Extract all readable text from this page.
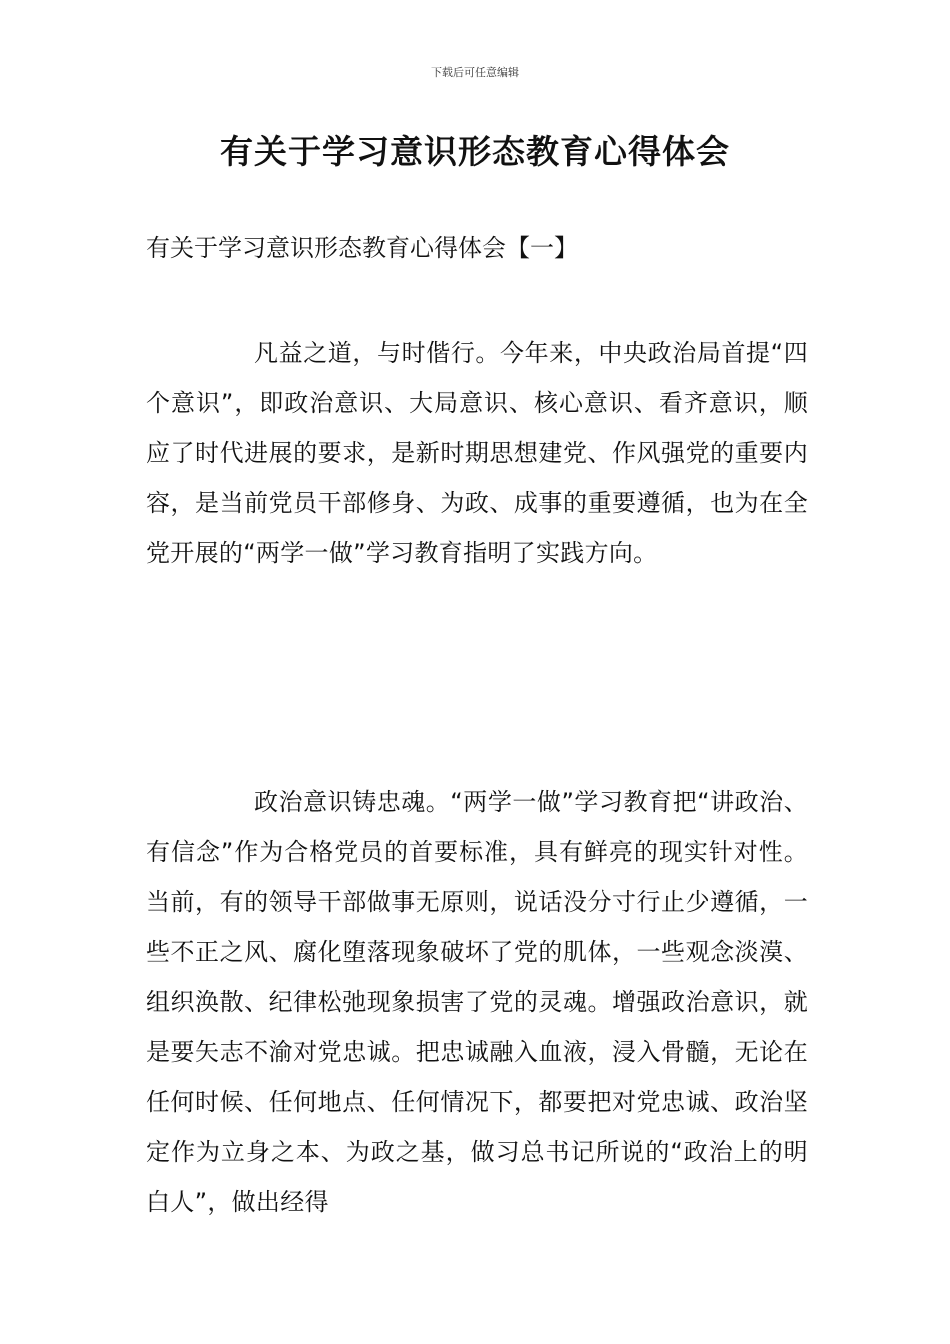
下载后可任意编辑
有关于学习意识形态教育心得体会
有关于学习意识形态教育心得体会【一】

凡益之道，与时偕行。今年来，中央政治局首提“四个意识”，即政治意识、大局意识、核心意识、看齐意识，顺应了时代进展的要求，是新时期思想建党、作风强党的重要内容，是当前党员干部修身、为政、成事的重要遵循，也为在全党开展的“两学一做”学习教育指明了实践方向。

政治意识铸忠魂。“两学一做”学习教育把“讲政治、有信念”作为合格党员的首要标准，具有鲜亮的现实针对性。当前，有的领导干部做事无原则，说话没分寸行止少遵循，一些不正之风、腐化堕落现象破坏了党的肌体，一些观念淡漠、组织涣散、纪律松弛现象损害了党的灵魂。增强政治意识，就是要矢志不渝对党忠诚。把忠诚融入血液，浸入骨髓，无论在任何时候、任何地点、任何情况下，都要把对党忠诚、政治坚定作为立身之本、为政之基，做习总书记所说的“政治上的明白人”，做出经得
